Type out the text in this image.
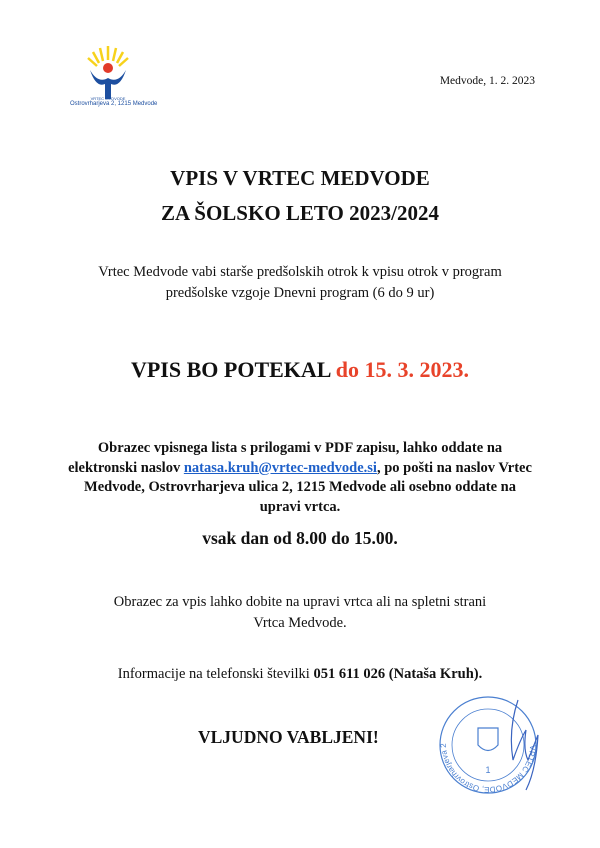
VRTEC MEDVODE
Ostrovrharjeva 2, 1215 Medvode
Medvode, 1. 2. 2023
VPIS V VRTEC MEDVODE
ZA ŠOLSKO LETO 2023/2024
Vrtec Medvode vabi starše predšolskih otrok k vpisu otrok v program
predšolske vzgoje Dnevni program (6 do 9 ur)
VPIS BO POTEKAL do 15. 3. 2023.
Obrazec vpisnega lista s prilogami v PDF zapisu, lahko oddate na
elektronski naslov natasa.kruh@vrtec-medvode.si, po pošti na naslov Vrtec
Medvode, Ostrovrharjeva ulica 2, 1215 Medvode ali osebno oddate na
upravi vrtca.
vsak dan od 8.00 do 15.00.
Obrazec za vpis lahko dobite na upravi vrtca ali na spletni strani
Vrtca Medvode.
Informacije na telefonski številki 051 611 026 (Nataša Kruh).
VLJUDNO VABLJENI!
VRTEC MEDVODE, Ostrovrharjeva 2
1
